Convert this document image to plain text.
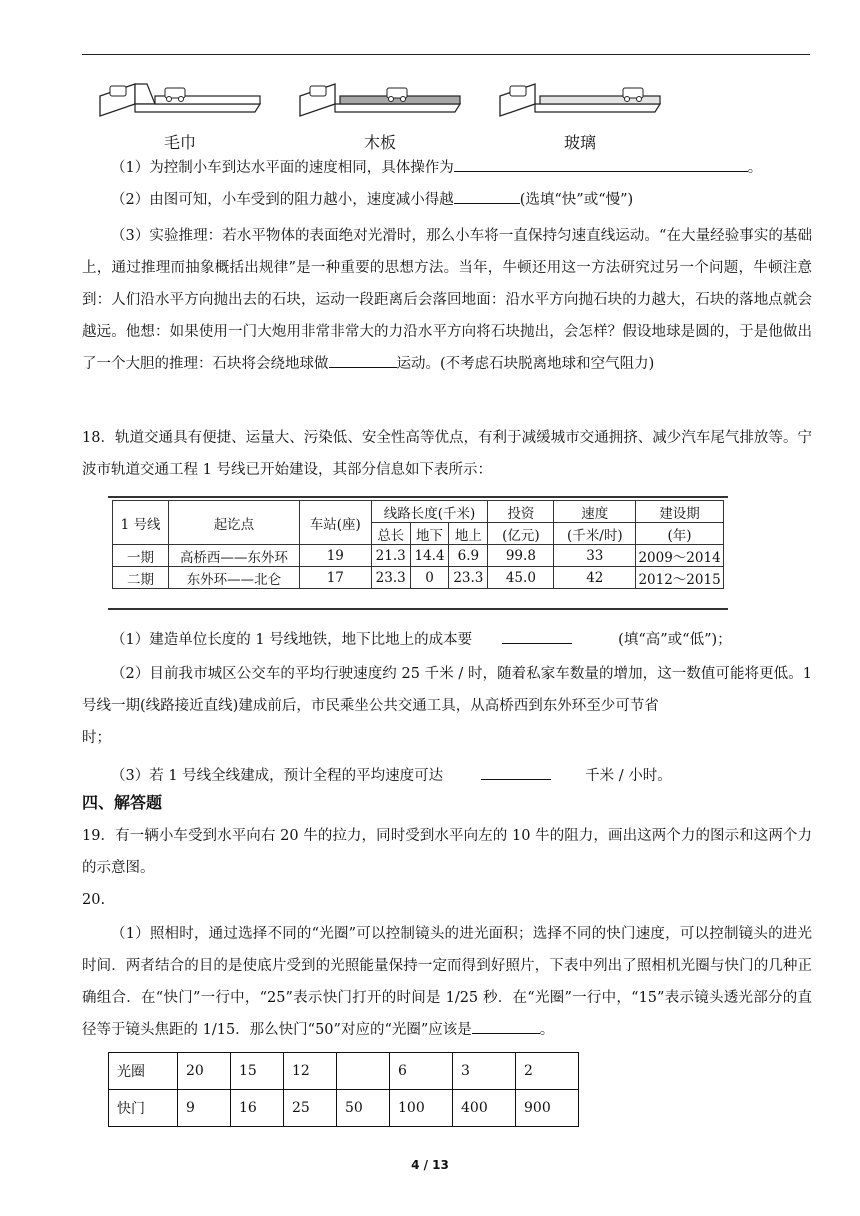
毛巾	木板	玻璃
（1）为控制小车到达水平面的速度相同，具体操作为	。
（2）由图可知，小车受到的阻力越小，速度减小得越	(选填“快”或“慢”)
（3）实验推理：若水平物体的表面绝对光滑时，那么小车将一直保持匀速直线运动。“在大量经验事实的基础上，通过推理而抽象概括出规律”是一种重要的思想方法。当年，牛顿还用这一方法研究过另一个问题，牛顿注意到：人们沿水平方向抛出去的石块，运动一段距离后会落回地面：沿水平方向抛石块的力越大，石块的落地点就会越远。他想：如果使用一门大炮用非常非常大的力沿水平方向将石块抛出，会怎样？假设地球是圆的，于是他做出了一个大胆的推理：石块将会绕地球做	运动。(不考虑石块脱离地球和空气阻力)
18．轨道交通具有便捷、运量大、污染低、安全性高等优点，有利于减缓城市交通拥挤、减少汽车尾气排放等。宁波市轨道交通工程 1 号线已开始建设，其部分信息如下表所示：
1 号线	起讫点	车站(座)	线路长度(千米)			投资	速度	建设期
			总长	地下	地上	(亿元)	(千米/时)	(年)
一期	高桥西——东外环	19	21.3	14.4	6.9	99.8	33	2009～2014
二期	东外环——北仑	17	23.3	0	23.3	45.0	42	2012～2015
（1）建造单位长度的 1 号线地铁，地下比地上的成本要	(填“高”或“低”)；
（2）目前我市城区公交车的平均行驶速度约 25 千米 / 时，随着私家车数量的增加，这一数值可能将更低。1 号线一期(线路接近直线)建成前后，市民乘坐公共交通工具，从高桥西到东外环至少可节省
时；
（3）若 1 号线全线建成，预计全程的平均速度可达	千米 / 小时。
四、解答题
19．有一辆小车受到水平向右 20 牛的拉力，同时受到水平向左的 10 牛的阻力，画出这两个力的图示和这两个力的示意图。
20.
（1）照相时，通过选择不同的“光圈”可以控制镜头的进光面积；选择不同的快门速度，可以控制镜头的进光时间．两者结合的目的是使底片受到的光照能量保持一定而得到好照片，下表中列出了照相机光圈与快门的几种正确组合．在“快门”一行中，“25”表示快门打开的时间是 1/25 秒．在“光圈”一行中，“15”表示镜头透光部分的直径等于镜头焦距的 1/15．那么快门“50”对应的“光圈”应该是	。
光圈	20	15	12		6	3	2
快门	9	16	25	50	100	400	900
4 / 13
